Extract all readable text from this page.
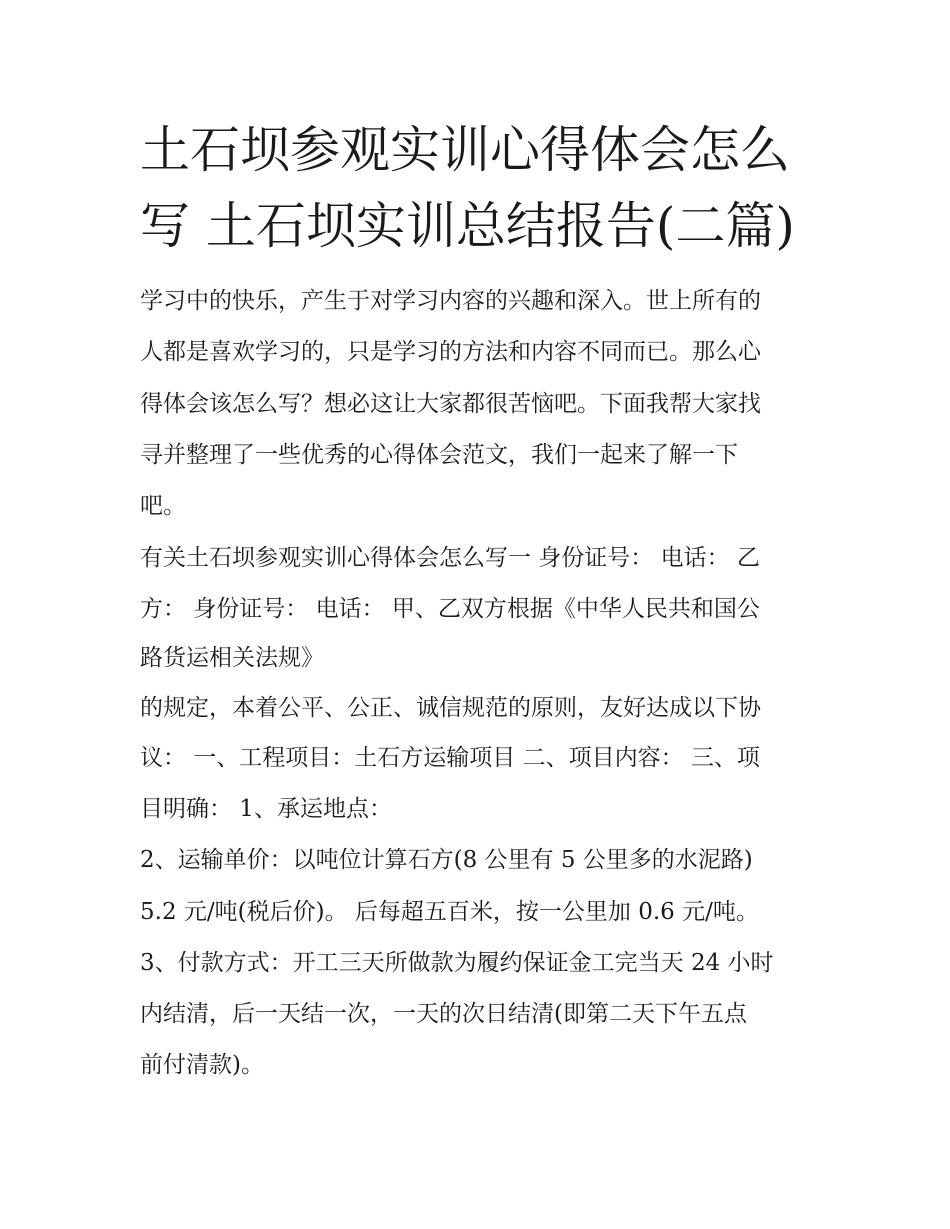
土石坝参观实训心得体会怎么
写 土石坝实训总结报告(二篇)
学习中的快乐，产生于对学习内容的兴趣和深入。世上所有的
人都是喜欢学习的，只是学习的方法和内容不同而已。那么心
得体会该怎么写？想必这让大家都很苦恼吧。下面我帮大家找
寻并整理了一些优秀的心得体会范文，我们一起来了解一下
吧。
有关土石坝参观实训心得体会怎么写一 身份证号： 电话： 乙
方： 身份证号： 电话： 甲、乙双方根据《中华人民共和国公
路货运相关法规》
的规定，本着公平、公正、诚信规范的原则，友好达成以下协
议： 一、工程项目：土石方运输项目 二、项目内容： 三、项
目明确： 1、承运地点：
2、运输单价：以吨位计算石方(8 公里有 5 公里多的水泥路)
5.2 元/吨(税后价)。 后每超五百米，按一公里加 0.6 元/吨。
3、付款方式：开工三天所做款为履约保证金工完当天 24 小时
内结清，后一天结一次，一天的次日结清(即第二天下午五点
前付清款)。
